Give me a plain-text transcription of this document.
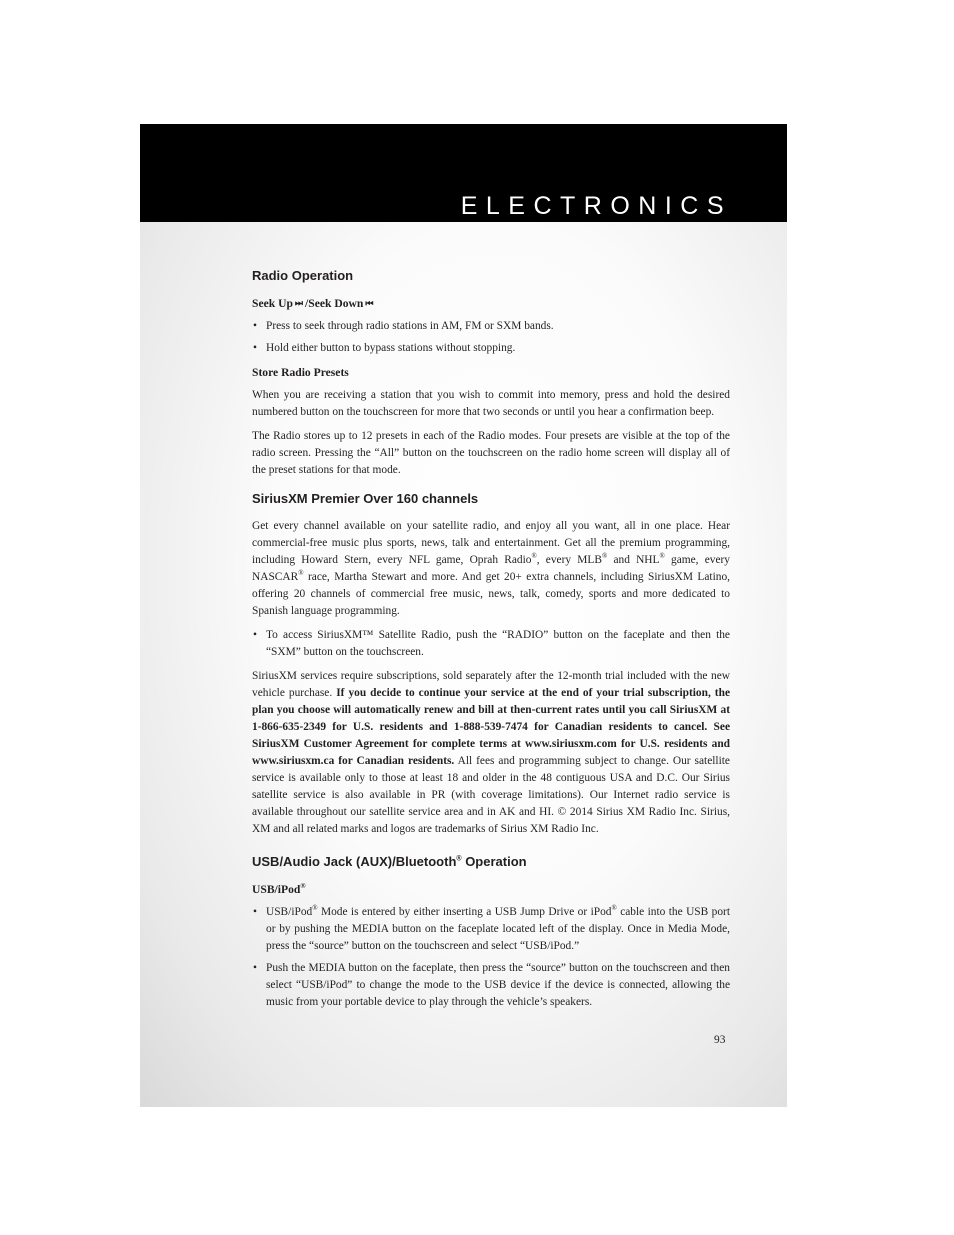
ELECTRONICS
Radio Operation
Seek Up ⏭ /Seek Down ⏮
• Press to seek through radio stations in AM, FM or SXM bands.
• Hold either button to bypass stations without stopping.
Store Radio Presets

When you are receiving a station that you wish to commit into memory, press and hold the desired numbered button on the touchscreen for more that two seconds or until you hear a confirmation beep.

The Radio stores up to 12 presets in each of the Radio modes. Four presets are visible at the top of the radio screen. Pressing the “All” button on the touchscreen on the radio home screen will display all of the preset stations for that mode.

SiriusXM Premier Over 160 channels

Get every channel available on your satellite radio, and enjoy all you want, all in one place. Hear commercial-free music plus sports, news, talk and entertainment. Get all the premium programming, including Howard Stern, every NFL game, Oprah Radio®, every MLB® and NHL® game, every NASCAR® race, Martha Stewart and more. And get 20+ extra channels, including SiriusXM Latino, offering 20 channels of commercial free music, news, talk, comedy, sports and more dedicated to Spanish language programming.

• To access SiriusXM™ Satellite Radio, push the “RADIO” button on the faceplate and then the “SXM” button on the touchscreen.

SiriusXM services require subscriptions, sold separately after the 12-month trial included with the new vehicle purchase. If you decide to continue your service at the end of your trial subscription, the plan you choose will automatically renew and bill at then-current rates until you call SiriusXM at 1-866-635-2349 for U.S. residents and 1-888-539-7474 for Canadian residents to cancel. See SiriusXM Customer Agreement for complete terms at www.siriusxm.com for U.S. residents and www.siriusxm.ca for Canadian residents. All fees and programming subject to change. Our satellite service is available only to those at least 18 and older in the 48 contiguous USA and D.C. Our Sirius satellite service is also available in PR (with coverage limitations). Our Internet radio service is available throughout our satellite service area and in AK and HI. © 2014 Sirius XM Radio Inc. Sirius, XM and all related marks and logos are trademarks of Sirius XM Radio Inc.

USB/Audio Jack (AUX)/Bluetooth® Operation
USB/iPod®
• USB/iPod® Mode is entered by either inserting a USB Jump Drive or iPod® cable into the USB port or by pushing the MEDIA button on the faceplate located left of the display. Once in Media Mode, press the “source” button on the touchscreen and select “USB/iPod.”
• Push the MEDIA button on the faceplate, then press the “source” button on the touchscreen and then select “USB/iPod” to change the mode to the USB device if the device is connected, allowing the music from your portable device to play through the vehicle’s speakers.
93
